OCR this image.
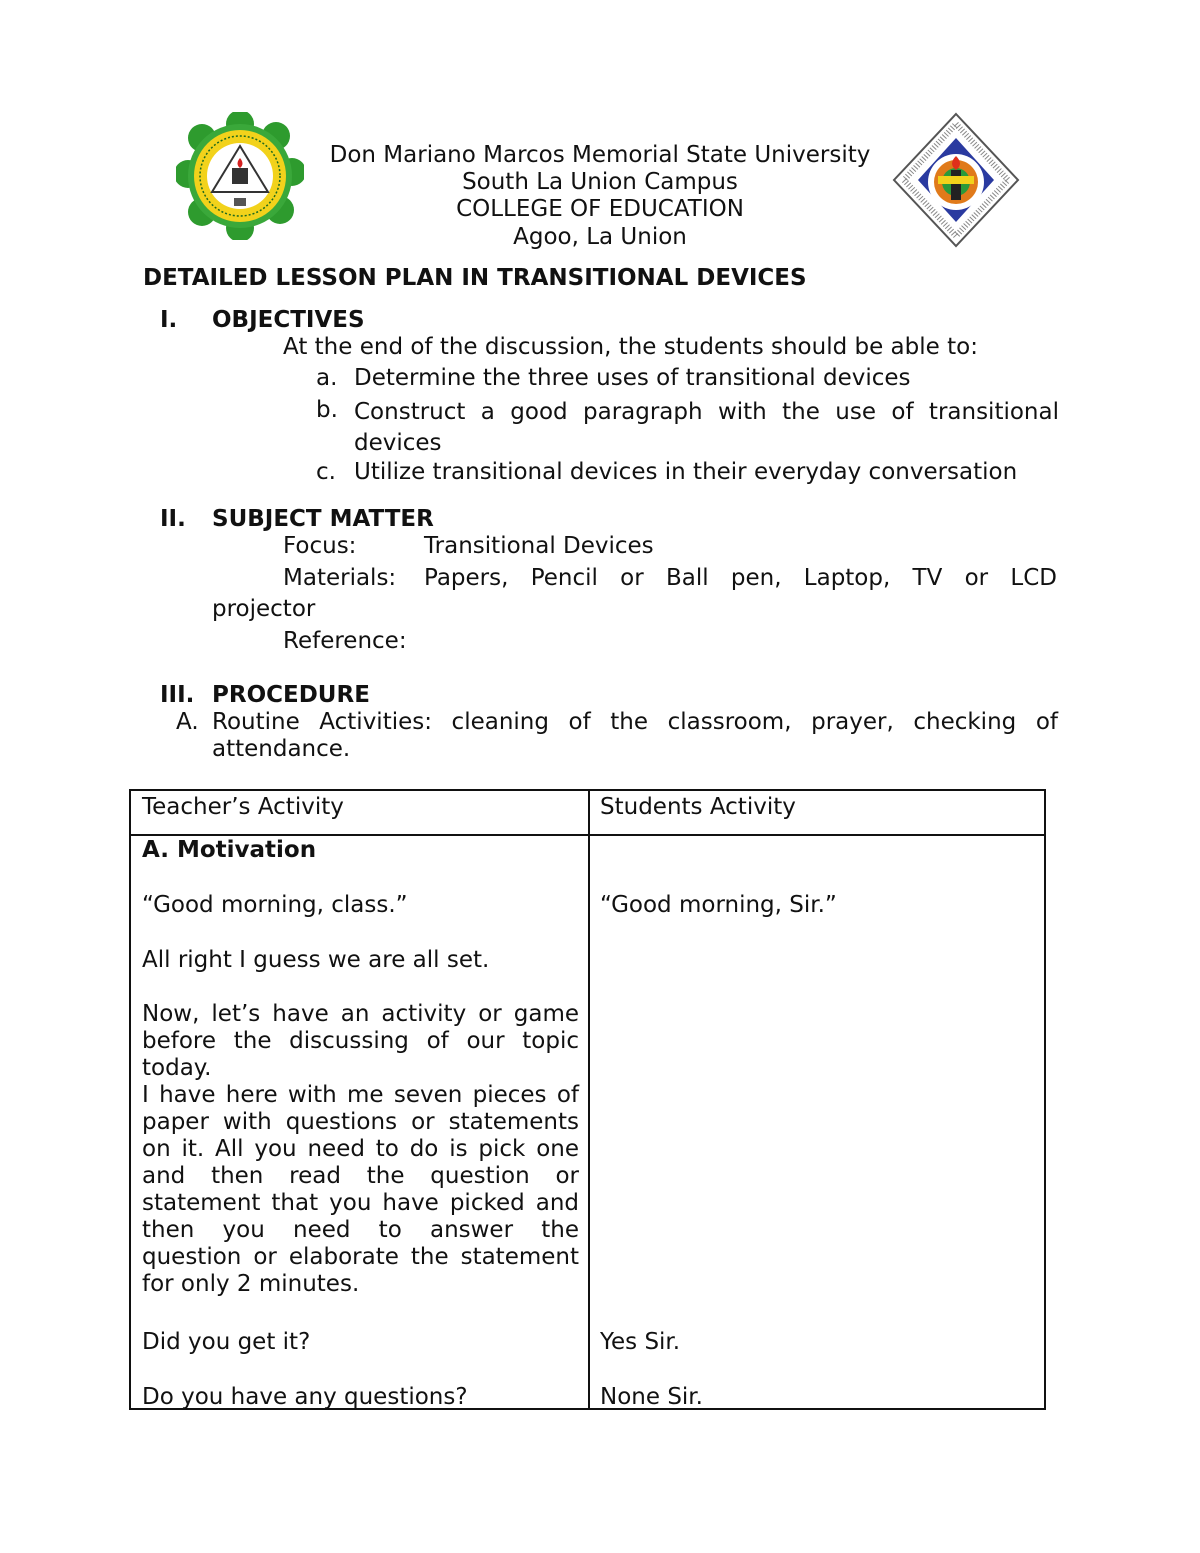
Don Mariano Marcos Memorial State University
South La Union Campus
COLLEGE OF EDUCATION
Agoo, La Union
DETAILED LESSON PLAN IN TRANSITIONAL DEVICES
I. OBJECTIVES
At the end of the discussion, the students should be able to:
a. Determine the three uses of transitional devices
b. Construct a good paragraph with the use of transitional devices
c. Utilize transitional devices in their everyday conversation
II. SUBJECT MATTER
Focus:	Transitional Devices
Materials: Papers, Pencil or Ball pen, Laptop, TV or LCD
projector
Reference:
III. PROCEDURE
A. Routine Activities: cleaning of the classroom, prayer, checking of
attendance.
Teacher’s Activity	Students Activity
A. Motivation
“Good morning, class.”	“Good morning, Sir.”
All right I guess we are all set.
Now, let’s have an activity or game before the discussing of our topic today.
I have here with me seven pieces of paper with questions or statements on it. All you need to do is pick one and then read the question or statement that you have picked and then you need to answer the question or elaborate the statement for only 2 minutes.
Did you get it?	Yes Sir.
Do you have any questions?	None Sir.
